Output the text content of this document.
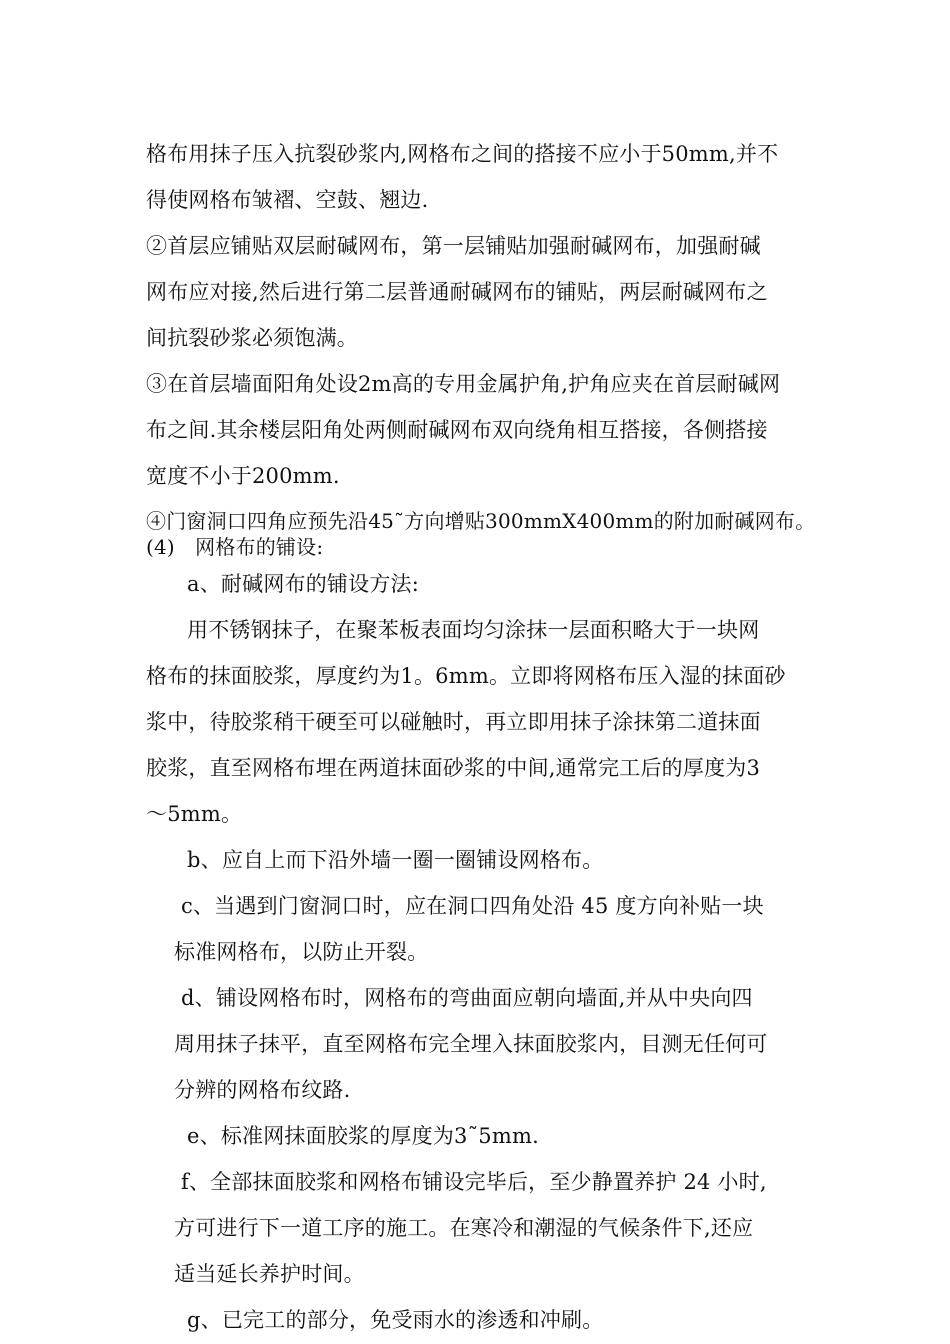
格布用抹子压入抗裂砂浆内,网格布之间的搭接不应小于50mm,并不
得使网格布皱褶、空鼓、翘边.
②首层应铺贴双层耐碱网布，第一层铺贴加强耐碱网布，加强耐碱
网布应对接,然后进行第二层普通耐碱网布的铺贴，两层耐碱网布之
间抗裂砂浆必须饱满。
③在首层墙面阳角处设2m高的专用金属护角,护角应夹在首层耐碱网
布之间.其余楼层阳角处两侧耐碱网布双向绕角相互搭接，各侧搭接
宽度不小于200mm.
④门窗洞口四角应预先沿45˜方向增贴300mmX400mm的附加耐碱网布。
(4)　网格布的铺设:
a、耐碱网布的铺设方法:
用不锈钢抹子，在聚苯板表面均匀涂抹一层面积略大于一块网
格布的抹面胶浆，厚度约为1。6mm。立即将网格布压入湿的抹面砂
浆中，待胶浆稍干硬至可以碰触时，再立即用抹子涂抹第二道抹面
胶浆，直至网格布埋在两道抹面砂浆的中间,通常完工后的厚度为3
～5mm。
b、应自上而下沿外墙一圈一圈铺设网格布。
c、当遇到门窗洞口时，应在洞口四角处沿 45 度方向补贴一块
标准网格布，以防止开裂。
d、铺设网格布时，网格布的弯曲面应朝向墙面,并从中央向四
周用抹子抹平，直至网格布完全埋入抹面胶浆内，目测无任何可
分辨的网格布纹路.
e、标准网抹面胶浆的厚度为3˜5mm.
f、全部抹面胶浆和网格布铺设完毕后，至少静置养护 24 小时,
方可进行下一道工序的施工。在寒冷和潮湿的气候条件下,还应
适当延长养护时间。
g、已完工的部分，免受雨水的渗透和冲刷。
